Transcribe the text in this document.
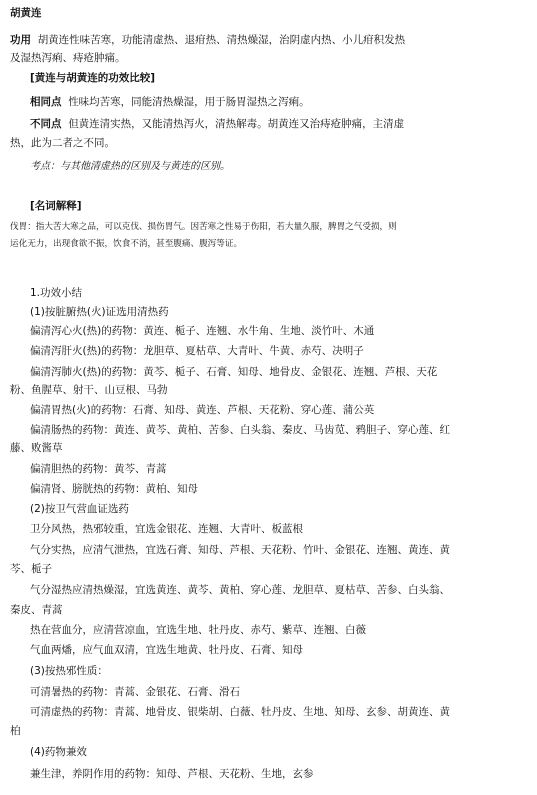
胡黄连
功用 胡黄连性味苦寒，功能清虚热、退疳热、清热燥湿，治阴虚内热、小儿疳积发热
及湿热泻痢、痔疮肿痛。
[黄连与胡黄连的功效比较]
相同点 性味均苦寒，同能清热燥湿，用于肠胃湿热之泻痢。
不同点 但黄连清实热，又能清热泻火，清热解毒。胡黄连又治痔疮肿痛，主清虚
热，此为二者之不同。
考点：与其他清虚热的区别及与黄连的区别。
[名词解释]
伐胃：指大苦大寒之品，可以克伐、损伤胃气。因苦寒之性易于伤阳，若大量久服，脾胃之气受损，则
运化无力，出现食欲不振，饮食不消，甚至腹痛、腹泻等证。
1.功效小结
(1)按脏腑热(火)证选用清热药
偏清泻心火(热)的药物：黄连、栀子、连翘、水牛角、生地、淡竹叶、木通
偏清泻肝火(热)的药物：龙胆草、夏枯草、大青叶、牛黄、赤芍、决明子
偏清泻肺火(热)的药物：黄芩、栀子、石膏、知母、地骨皮、金银花、连翘、芦根、天花
粉、鱼腥草、射干、山豆根、马勃
偏清胃热(火)的药物：石膏、知母、黄连、芦根、天花粉、穿心莲、蒲公英
偏清肠热的药物：黄连、黄芩、黄柏、苦参、白头翁、秦皮、马齿苋、鸦胆子、穿心莲、红
藤、败酱草
偏清胆热的药物：黄芩、青蒿
偏清肾、膀胱热的药物：黄柏、知母
(2)按卫气营血证选药
卫分风热，热邪较重，宜选金银花、连翘、大青叶、板蓝根
气分实热，应清气泄热，宜选石膏、知母、芦根、天花粉、竹叶、金银花、连翘、黄连、黄
芩、栀子
气分湿热应清热燥湿，宜选黄连、黄芩、黄柏、穿心莲、龙胆草、夏枯草、苦参、白头翁、
秦皮、青蒿
热在营血分，应清营凉血，宜选生地、牡丹皮、赤芍、紫草、连翘、白薇
气血两燔，应气血双清，宜选生地黄、牡丹皮、石膏、知母
(3)按热邪性质：
可清暑热的药物：青蒿、金银花、石膏、滑石
可清虚热的药物：青蒿、地骨皮、银柴胡、白薇、牡丹皮、生地、知母、玄参、胡黄连、黄
柏
(4)药物兼效
兼生津，养阴作用的药物：知母、芦根、天花粉、生地，玄参
